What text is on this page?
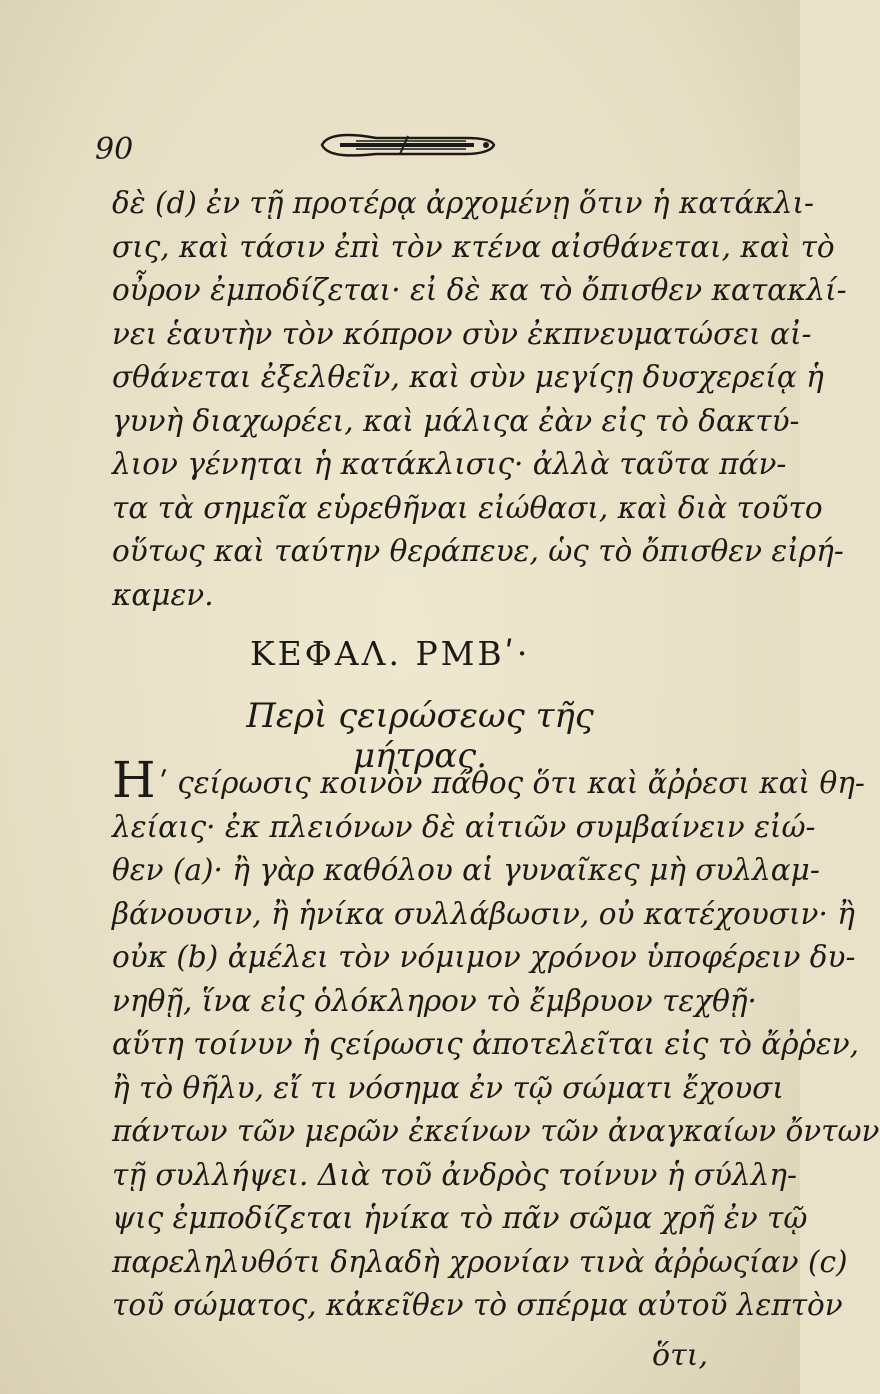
90
δὲ (d) ἐν τῇ προτέρᾳ ἀρχομένῃ ὅτιν ἡ κατάκλι-
σις, καὶ τάσιν ἐπὶ τὸν κτένα αἰσθάνεται, καὶ τὸ
οὖρον ἐμποδίζεται· εἰ δὲ κα τὸ ὄπισθεν κατακλί-
νει ἑαυτὴν τὸν κόπρον σὺν ἐκπνευματώσει αἰ-
σθάνεται ἐξελθεῖν, καὶ σὺν μεγίςῃ δυσχερείᾳ ἡ
γυνὴ διαχωρέει, καὶ μάλιςα ἐὰν εἰς τὸ δακτύ-
λιον γένηται ἡ κατάκλισις· ἀλλὰ ταῦτα πάν-
τα τὰ σημεῖα εὑρεθῆναι εἰώθασι, καὶ διὰ τοῦτο
οὕτως καὶ ταύτην θεράπευε, ὡς τὸ ὄπισθεν εἰρή-
καμεν.
ΚΕΦΑΛ. ΡΜΒʹ·
Περὶ ςειρώσεως τῆς μήτρας.
Η ʹ ςείρωσις κοινὸν πάθος ὅτι καὶ ἄῤῥεσι καὶ θη-
λείαις· ἐκ πλειόνων δὲ αἰτιῶν συμβαίνειν εἰώ-
θεν (a)· ἢ γὰρ καθόλου αἱ γυναῖκες μὴ συλλαμ-
βάνουσιν, ἢ ἡνίκα συλλάβωσιν, οὐ κατέχουσιν· ἢ
οὐκ (b) ἀμέλει τὸν νόμιμον χρόνον ὑποφέρειν δυ-
νηθῇ, ἵνα εἰς ὁλόκληρον τὸ ἔμβρυον τεχθῇ·
αὕτη τοίνυν ἡ ςείρωσις ἀποτελεῖται εἰς τὸ ἄῤῥεν,
ἢ τὸ θῆλυ, εἴ τι νόσημα ἐν τῷ σώματι ἔχουσι
πάντων τῶν μερῶν ἐκείνων τῶν ἀναγκαίων ὄντων
τῇ συλλήψει. Διὰ τοῦ ἀνδρὸς τοίνυν ἡ σύλλη-
ψις ἐμποδίζεται ἡνίκα τὸ πᾶν σῶμα χρῆ ἐν τῷ
παρεληλυθότι δηλαδὴ χρονίαν τινὰ ἀῤῥωςίαν (c)
τοῦ σώματος, κἀκεῖθεν τὸ σπέρμα αὐτοῦ λεπτὸν
ὅτι,
